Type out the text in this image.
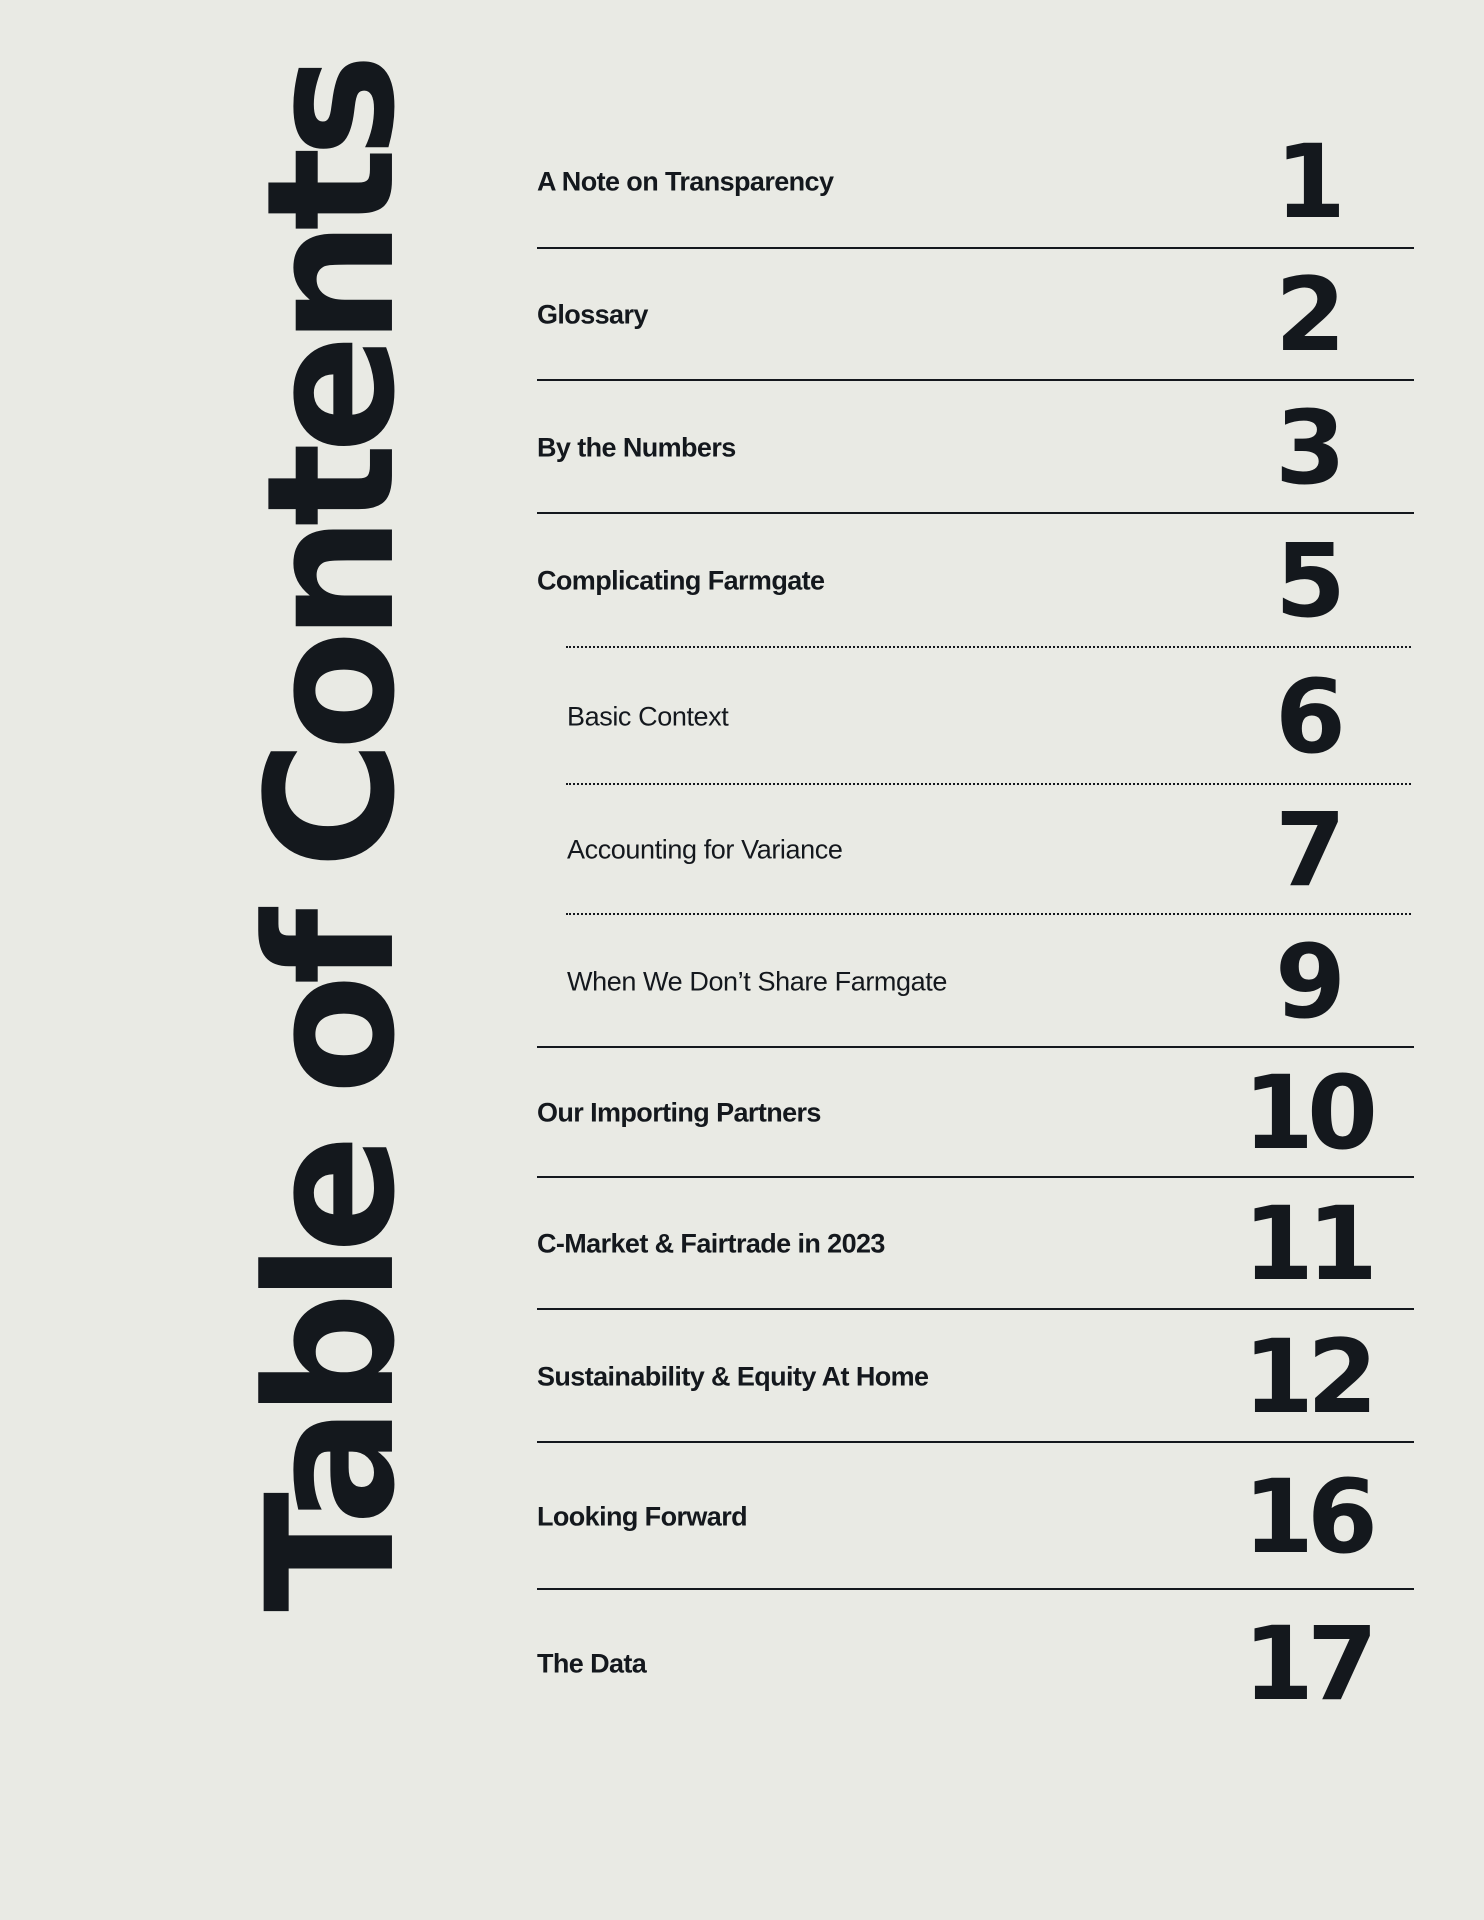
Table of Contents	A Note on Transparency	1
Glossary	2
By the Numbers	3
Complicating Farmgate	5
Basic Context	6
Accounting for Variance	7
When We Don’t Share Farmgate	9
Our Importing Partners	10
C-Market & Fairtrade in 2023	11
Sustainability & Equity At Home	12
Looking Forward	16
The Data	17
